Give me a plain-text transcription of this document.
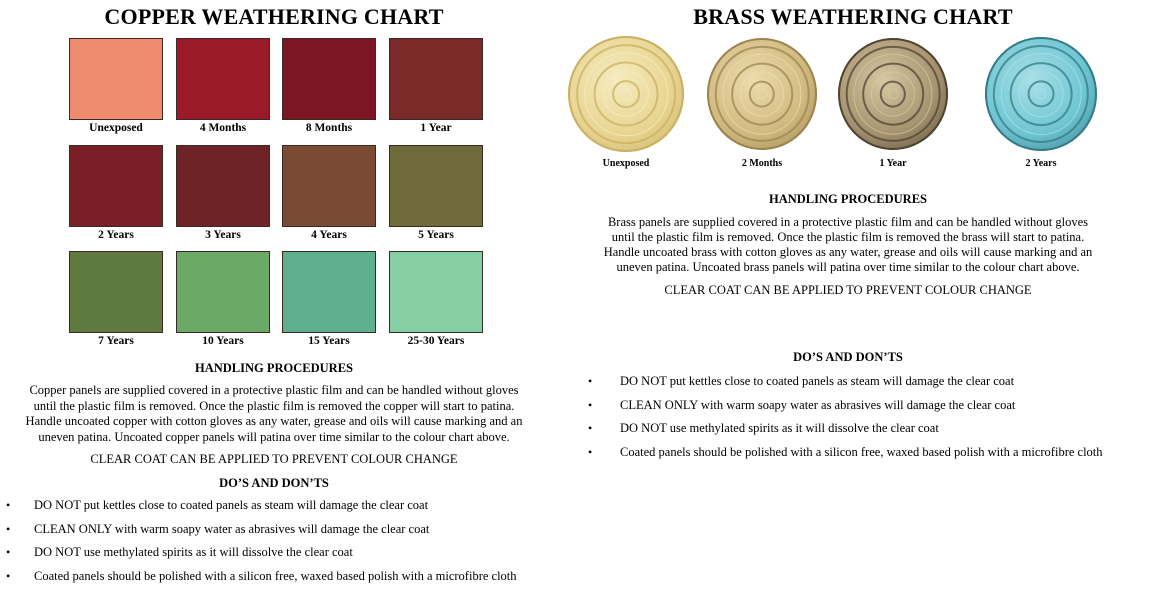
COPPER WEATHERING CHART
Unexposed	4 Months	8 Months	1 Year
2 Years	3 Years	4 Years	5 Years
7 Years	10 Years	15 Years	25-30 Years
HANDLING PROCEDURES
Copper panels are supplied covered in a protective plastic film and can be handled without gloves
until the plastic film is removed. Once the plastic film is removed the copper will start to patina.
Handle uncoated copper with cotton gloves as any water, grease and oils will cause marking and an
uneven patina. Uncoated copper panels will patina over time similar to the colour chart above.
CLEAR COAT CAN BE APPLIED TO PREVENT COLOUR CHANGE
DO’S AND DON’TS
• DO NOT put kettles close to coated panels as steam will damage the clear coat
• CLEAN ONLY with warm soapy water as abrasives will damage the clear coat
• DO NOT use methylated spirits as it will dissolve the clear coat
• Coated panels should be polished with a silicon free, waxed based polish with a microfibre cloth
BRASS WEATHERING CHART
Unexposed	2 Months	1 Year	2 Years
HANDLING PROCEDURES
Brass panels are supplied covered in a protective plastic film and can be handled without gloves
until the plastic film is removed. Once the plastic film is removed the brass will start to patina.
Handle uncoated brass with cotton gloves as any water, grease and oils will cause marking and an
uneven patina. Uncoated brass panels will patina over time similar to the colour chart above.
CLEAR COAT CAN BE APPLIED TO PREVENT COLOUR CHANGE
DO’S AND DON’TS
• DO NOT put kettles close to coated panels as steam will damage the clear coat
• CLEAN ONLY with warm soapy water as abrasives will damage the clear coat
• DO NOT use methylated spirits as it will dissolve the clear coat
• Coated panels should be polished with a silicon free, waxed based polish with a microfibre cloth
